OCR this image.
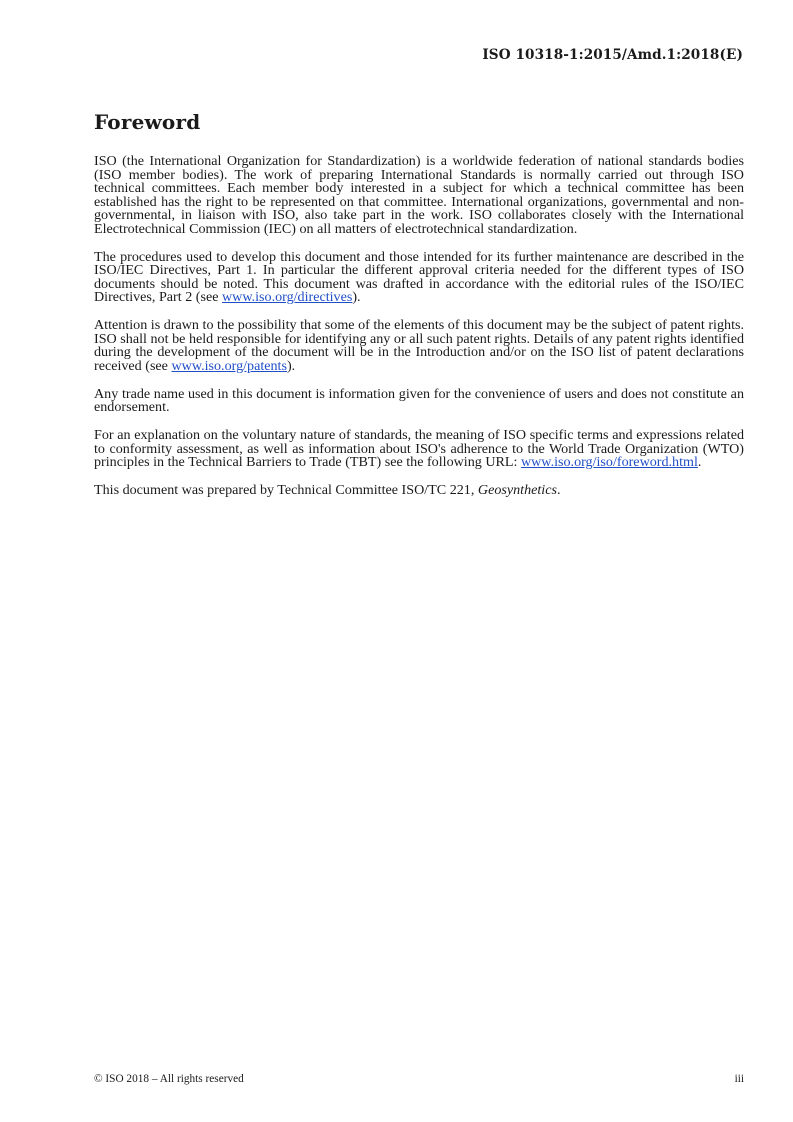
ISO 10318-1:2015/Amd.1:2018(E)
Foreword

ISO (the International Organization for Standardization) is a worldwide federation of national standards bodies (ISO member bodies). The work of preparing International Standards is normally carried out through ISO technical committees. Each member body interested in a subject for which a technical committee has been established has the right to be represented on that committee. International organizations, governmental and non-governmental, in liaison with ISO, also take part in the work. ISO collaborates closely with the International Electrotechnical Commission (IEC) on all matters of electrotechnical standardization.

The procedures used to develop this document and those intended for its further maintenance are described in the ISO/IEC Directives, Part 1. In particular the different approval criteria needed for the different types of ISO documents should be noted. This document was drafted in accordance with the editorial rules of the ISO/IEC Directives, Part 2 (see www.iso.org/directives).

Attention is drawn to the possibility that some of the elements of this document may be the subject of patent rights. ISO shall not be held responsible for identifying any or all such patent rights. Details of any patent rights identified during the development of the document will be in the Introduction and/or on the ISO list of patent declarations received (see www.iso.org/patents).

Any trade name used in this document is information given for the convenience of users and does not constitute an endorsement.

For an explanation on the voluntary nature of standards, the meaning of ISO specific terms and expressions related to conformity assessment, as well as information about ISO's adherence to the World Trade Organization (WTO) principles in the Technical Barriers to Trade (TBT) see the following URL: www.iso.org/iso/foreword.html.

This document was prepared by Technical Committee ISO/TC 221, Geosynthetics.

© ISO 2018 – All rights reserved	iii
